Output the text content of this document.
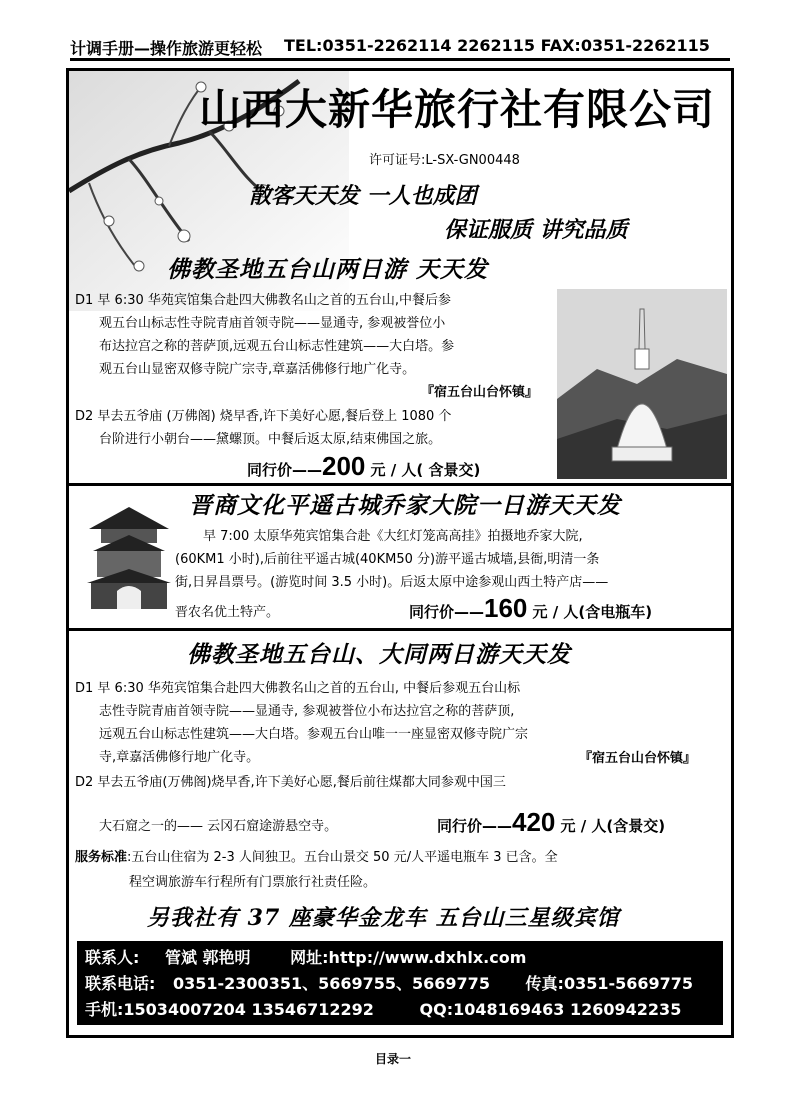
计调手册—操作旅游更轻松 TEL:0351-2262114 2262115 FAX:0351-2262115
山西大新华旅行社有限公司
许可证号:L-SX-GN00448
散客天天发 一人也成团
保证服质 讲究品质
佛教圣地五台山两日游 天天发
D1 早 6:30 华苑宾馆集合赴四大佛教名山之首的五台山,中餐后参
观五台山标志性寺院青庙首领寺院——显通寺, 参观被誉位小
布达拉宫之称的菩萨顶,远观五台山标志性建筑——大白塔。参
观五台山显密双修寺院广宗寺,章嘉活佛修行地广化寺。
『宿五台山台怀镇』
D2 早去五爷庙 (万佛阁) 烧早香,许下美好心愿,餐后登上 1080 个
台阶进行小朝台——黛螺顶。中餐后返太原,结束佛国之旅。
同行价——200 元 / 人( 含景交)
晋商文化平遥古城乔家大院一日游天天发
早 7:00 太原华苑宾馆集合赴《大红灯笼高高挂》拍摄地乔家大院,
(60KM1 小时),后前往平遥古城(40KM50 分)游平遥古城墙,县衙,明清一条
街,日昇昌票号。(游览时间 3.5 小时)。后返太原中途参观山西土特产店——
晋农名优土特产。	同行价——160 元 / 人(含电瓶车)
佛教圣地五台山、大同两日游天天发
D1 早 6:30 华苑宾馆集合赴四大佛教名山之首的五台山, 中餐后参观五台山标
志性寺院青庙首领寺院——显通寺, 参观被誉位小布达拉宫之称的菩萨顶,
远观五台山标志性建筑——大白塔。参观五台山唯一一座显密双修寺院广宗
寺,章嘉活佛修行地广化寺。	『宿五台山台怀镇』
D2 早去五爷庙(万佛阁)烧早香,许下美好心愿,餐后前往煤都大同参观中国三
大石窟之一的—— 云冈石窟途游悬空寺。	同行价——420 元 / 人(含景交)
服务标准:五台山住宿为 2-3 人间独卫。五台山景交 50 元/人平遥电瓶车 3 已含。全
程空调旅游车行程所有门票旅行社责任险。
另我社有 37 座豪华金龙车 五台山三星级宾馆
联系人: 管斌 郭艳明 网址:http://www.dxhlx.com
联系电话: 0351-2300351、5669755、5669775 传真:0351-5669775
手机:15034007204 13546712292	QQ:1048169463 1260942235
目录一
